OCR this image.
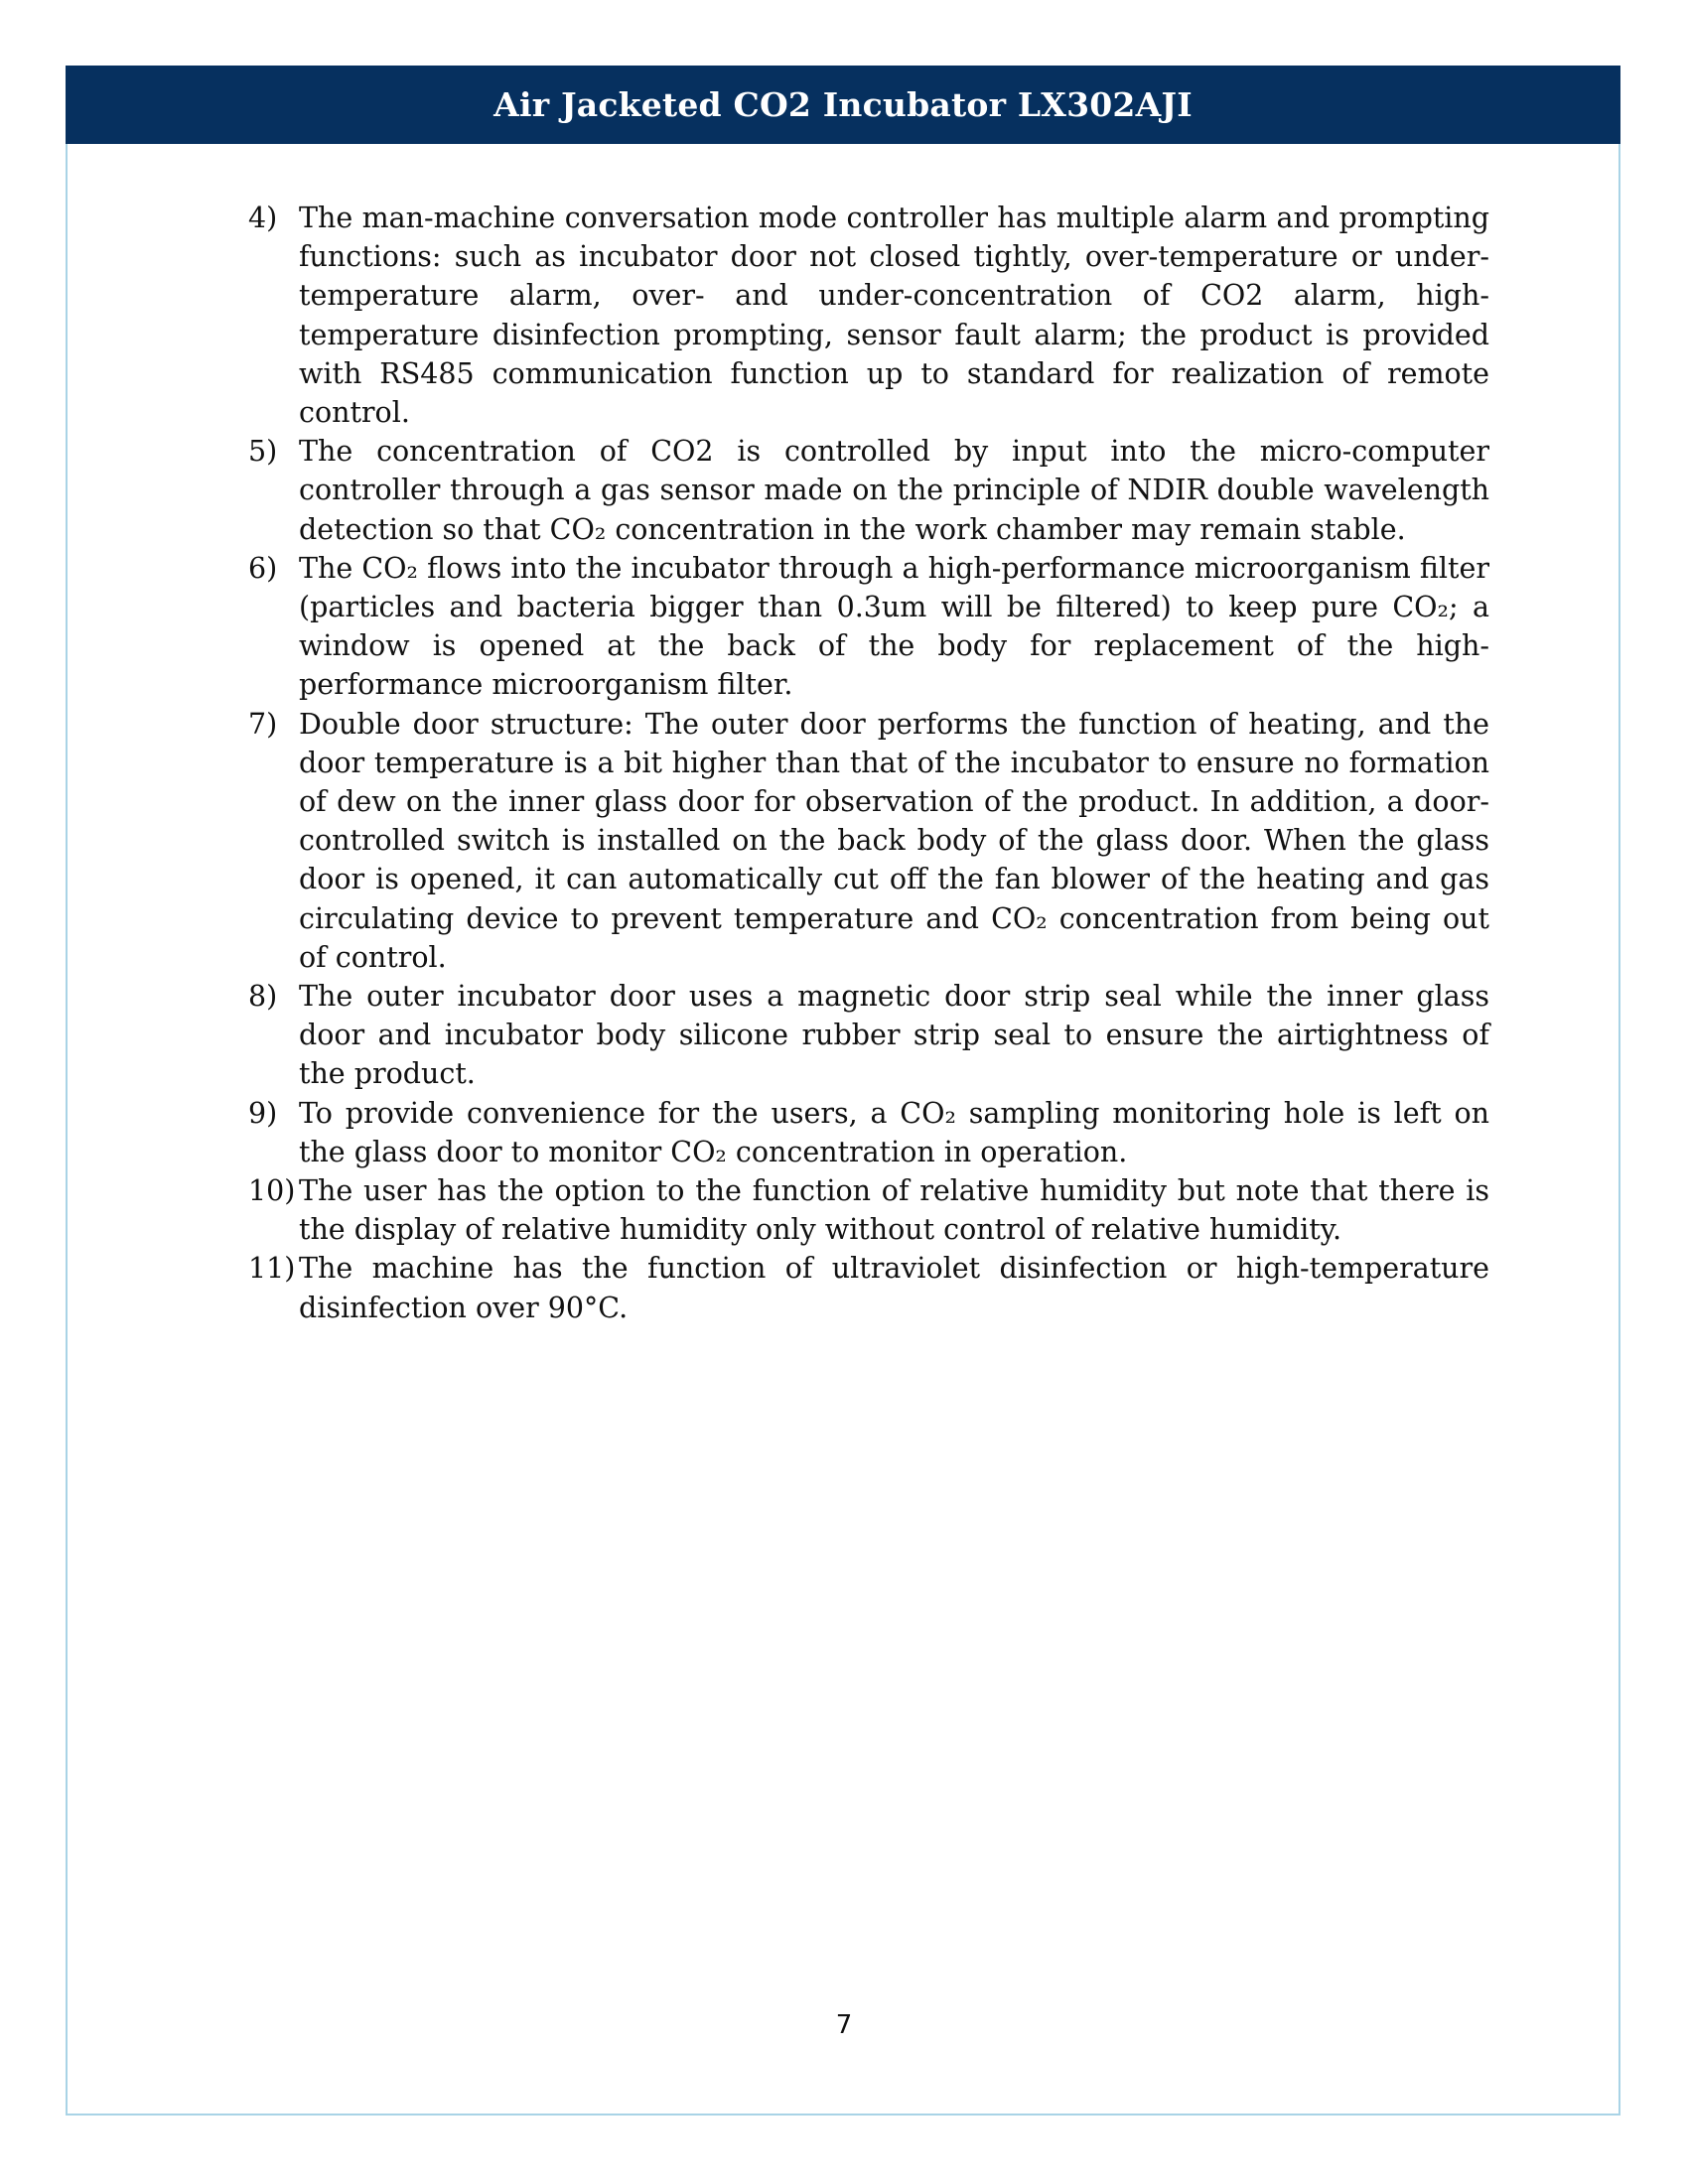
Air Jacketed CO2 Incubator LX302AJI
4) The man-machine conversation mode controller has multiple alarm and prompting functions: such as incubator door not closed tightly, over-temperature or under-temperature alarm, over- and under-concentration of CO2 alarm, high-temperature disinfection prompting, sensor fault alarm; the product is provided with RS485 communication function up to standard for realization of remote control.
5) The concentration of CO2 is controlled by input into the micro-computer controller through a gas sensor made on the principle of NDIR double wavelength detection so that CO₂ concentration in the work chamber may remain stable.
6) The CO₂ flows into the incubator through a high-performance microorganism filter (particles and bacteria bigger than 0.3um will be filtered) to keep pure CO₂; a window is opened at the back of the body for replacement of the high-performance microorganism filter.
7) Double door structure: The outer door performs the function of heating, and the door temperature is a bit higher than that of the incubator to ensure no formation of dew on the inner glass door for observation of the product. In addition, a door-controlled switch is installed on the back body of the glass door. When the glass door is opened, it can automatically cut off the fan blower of the heating and gas circulating device to prevent temperature and CO₂ concentration from being out of control.
8) The outer incubator door uses a magnetic door strip seal while the inner glass door and incubator body silicone rubber strip seal to ensure the airtightness of the product.
9) To provide convenience for the users, a CO₂ sampling monitoring hole is left on the glass door to monitor CO₂ concentration in operation.
10) The user has the option to the function of relative humidity but note that there is the display of relative humidity only without control of relative humidity.
11) The machine has the function of ultraviolet disinfection or high-temperature disinfection over 90°C.
7
